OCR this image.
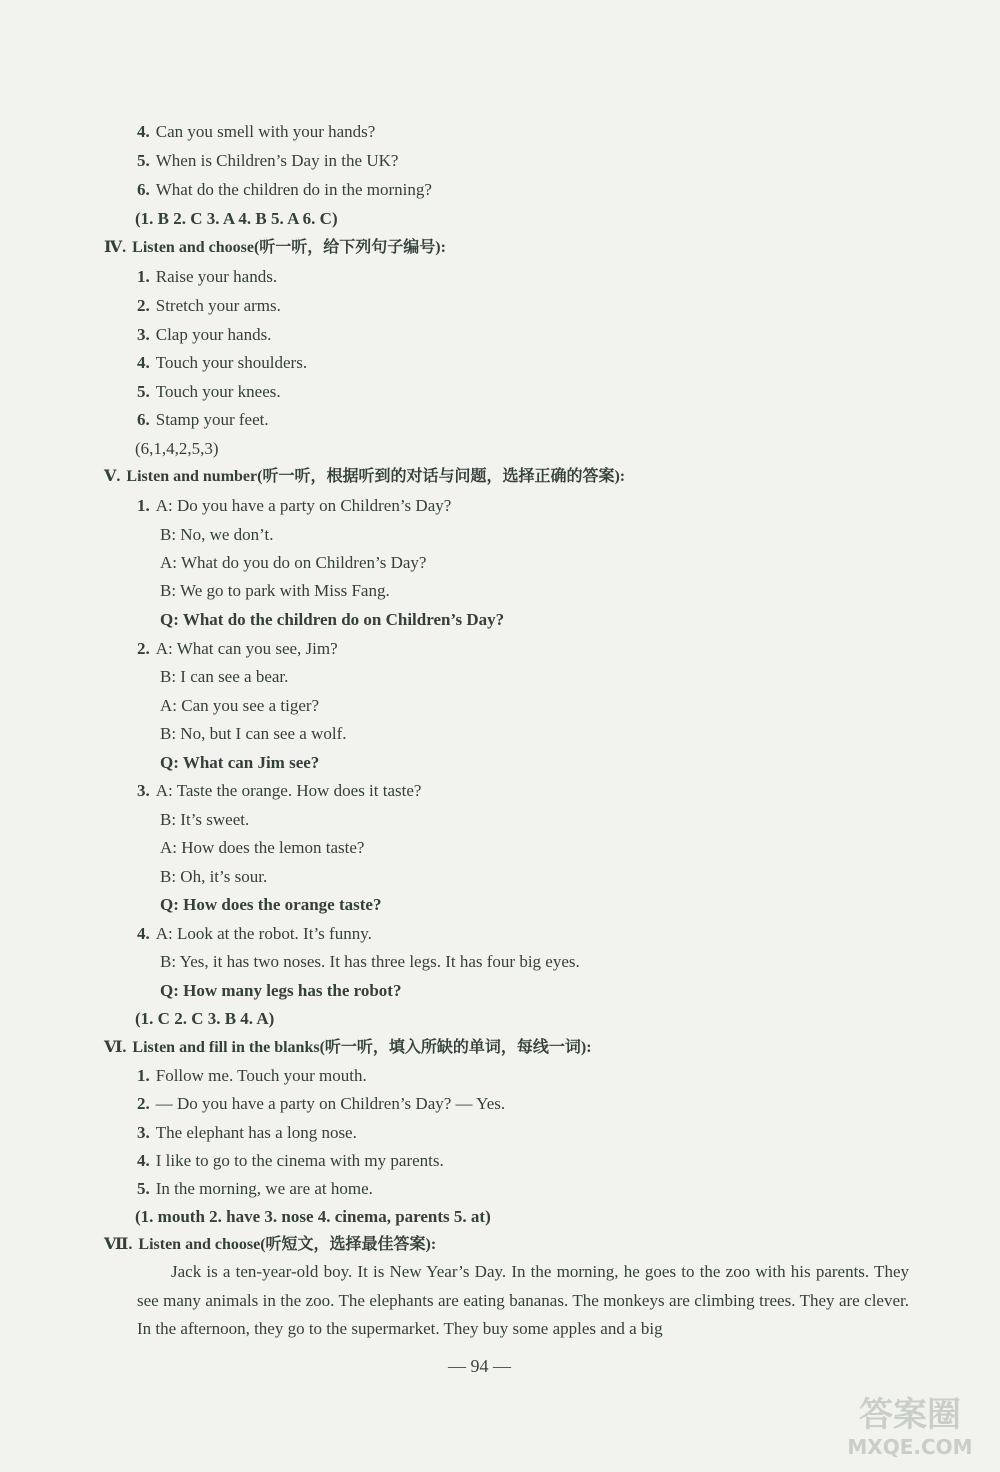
4. Can you smell with your hands?
5. When is Children’s Day in the UK?
6. What do the children do in the morning?
(1. B 2. C 3. A 4. B 5. A 6. C)
Ⅳ. Listen and choose(听一听，给下列句子编号):
1. Raise your hands.
2. Stretch your arms.
3. Clap your hands.
4. Touch your shoulders.
5. Touch your knees.
6. Stamp your feet.
(6,1,4,2,5,3)
Ⅴ. Listen and number(听一听，根据听到的对话与问题，选择正确的答案):
1. A: Do you have a party on Children’s Day?
B: No, we don’t.
A: What do you do on Children’s Day?
B: We go to park with Miss Fang.
Q: What do the children do on Children’s Day?
2. A: What can you see, Jim?
B: I can see a bear.
A: Can you see a tiger?
B: No, but I can see a wolf.
Q: What can Jim see?
3. A: Taste the orange. How does it taste?
B: It’s sweet.
A: How does the lemon taste?
B: Oh, it’s sour.
Q: How does the orange taste?
4. A: Look at the robot. It’s funny.
B: Yes, it has two noses. It has three legs. It has four big eyes.
Q: How many legs has the robot?
(1. C 2. C 3. B 4. A)
Ⅵ. Listen and fill in the blanks(听一听，填入所缺的单词，每线一词):
1. Follow me. Touch your mouth.
2. — Do you have a party on Children’s Day? — Yes.
3. The elephant has a long nose.
4. I like to go to the cinema with my parents.
5. In the morning, we are at home.
(1. mouth 2. have 3. nose 4. cinema, parents 5. at)
Ⅶ. Listen and choose(听短文，选择最佳答案):
Jack is a ten-year-old boy. It is New Year’s Day. In the morning, he goes to the zoo with his parents. They see many animals in the zoo. The elephants are eating bananas. The monkeys are climbing trees. They are clever. In the afternoon, they go to the supermarket. They buy some apples and a big
— 94 —
答案圈
MXQE.COM
